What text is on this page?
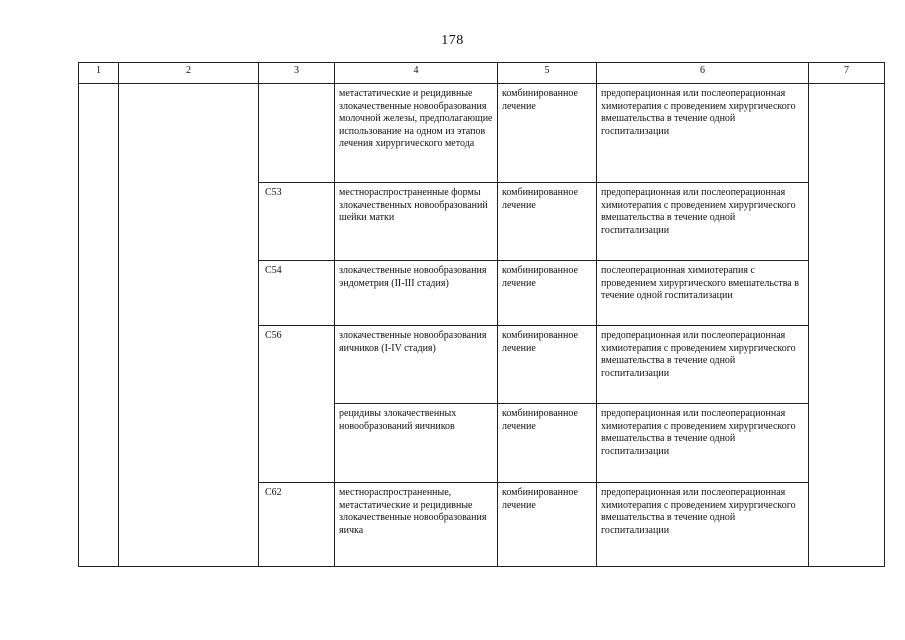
178
1	2	3	4	5	6	7

			метастатические и рецидивные злокачественные новообразования молочной железы, предполагающие использование на одном из этапов лечения хирургического метода	комбинированное лечение	предоперационная или послеоперационная химиотерапия с проведением хирургического вмешательства в течение одной госпитализации	

		C53	местнораспространенные формы злокачественных новообразований шейки матки	комбинированное лечение	предоперационная или послеоперационная химиотерапия с проведением хирургического вмешательства в течение одной госпитализации	

		C54	злокачественные новообразования эндометрия (II-III стадия)	комбинированное лечение	послеоперационная химиотерапия с проведением хирургического вмешательства в течение одной госпитализации	

		C56	злокачественные новообразования яичников (I-IV стадия)	комбинированное лечение	предоперационная или послеоперационная химиотерапия с проведением хирургического вмешательства в течение одной госпитализации	

			рецидивы злокачественных новообразований яичников	комбинированное лечение	предоперационная или послеоперационная химиотерапия с проведением хирургического вмешательства в течение одной госпитализации	

		C62	местнораспространенные, метастатические и рецидивные злокачественные новообразования яичка	комбинированное лечение	предоперационная или послеоперационная химиотерапия с проведением хирургического вмешательства в течение одной госпитализации	
